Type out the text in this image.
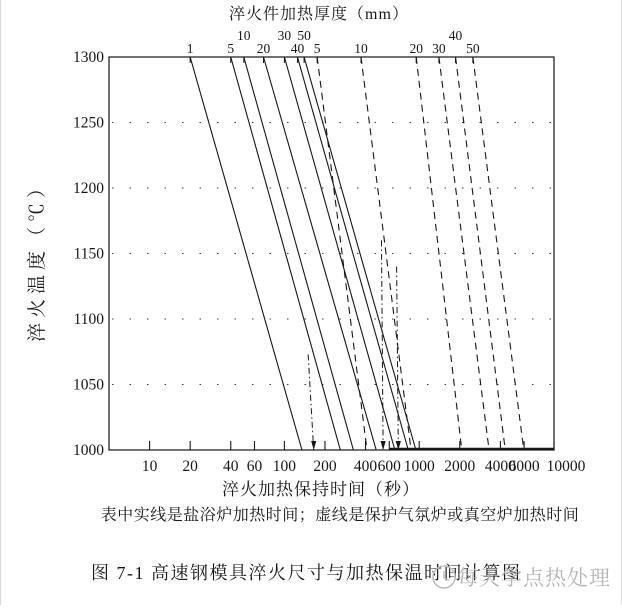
1	5
10
20
30
40
50
5 10	20 30
40
50
10 20 40 60 100 200 400 600 1000 2000 4000
6000 10000
1300
1250
1200
1150
1100
1050
1000
淬火件加热厚度（mm）
淬火温度（℃）
淬火加热保持时间（秒）
表中实线是盐浴炉加热时间；虚线是保护气氛炉或真空炉加热时间
图 7-1 高速钢模具淬火尺寸与加热保温时间计算图
每天学点热处理
